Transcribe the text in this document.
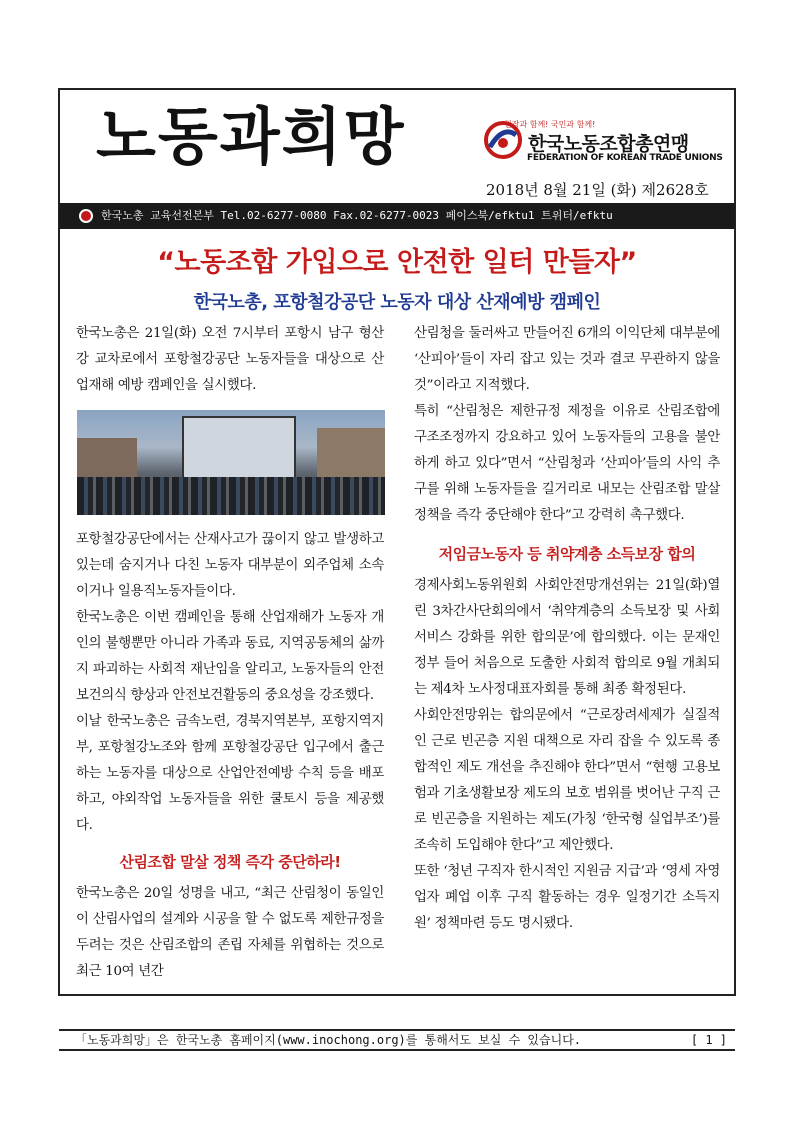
노동과희망	현장과 함께! 국민과 함께!
한국노동조합총연맹
FEDERATION OF KOREAN TRADE UNIONS
2018년 8월 21일 (화) 제2628호
한국노총 교육선전본부 Tel.02-6277-0080 Fax.02-6277-0023 페이스북/efktu1 트위터/efktu
“노동조합 가입으로 안전한 일터 만들자”
한국노총, 포항철강공단 노동자 대상 산재예방 캠페인

한국노총은 21일(화) 오전 7시부터 포항시 남구 형산강 교차로에서 포항철강공단 노동자들을 대상으로 산업재해 예방 캠페인을 실시했다.

포항철강공단에서는 산재사고가 끊이지 않고 발생하고 있는데 숨지거나 다친 노동자 대부분이 외주업체 소속이거나 일용직노동자들이다.

한국노총은 이번 캠페인을 통해 산업재해가 노동자 개인의 불행뿐만 아니라 가족과 동료, 지역공동체의 삶까지 파괴하는 사회적 재난임을 알리고, 노동자들의 안전보건의식 향상과 안전보건활동의 중요성을 강조했다.

이날 한국노총은 금속노련, 경북지역본부, 포항지역지부, 포항철강노조와 함께 포항철강공단 입구에서 출근하는 노동자를 대상으로 산업안전예방 수칙 등을 배포하고, 야외작업 노동자들을 위한 쿨토시 등을 제공했다.

산림조합 말살 정책 즉각 중단하라!

한국노총은 20일 성명을 내고, “최근 산림청이 동일인이 산림사업의 설계와 시공을 할 수 없도록 제한규정을 두려는 것은 산림조합의 존립 자체를 위협하는 것으로 최근 10여 년간

산림청을 둘러싸고 만들어진 6개의 이익단체 대부분에 ‘산피아’들이 자리 잡고 있는 것과 결코 무관하지 않을 것”이라고 지적했다.

특히 “산림청은 제한규정 제정을 이유로 산림조합에 구조조정까지 강요하고 있어 노동자들의 고용을 불안하게 하고 있다”면서 “산림청과 ‘산피아’들의 사익 추구를 위해 노동자들을 길거리로 내모는 산림조합 말살정책을 즉각 중단해야 한다”고 강력히 촉구했다.

저임금노동자 등 취약계층 소득보장 합의

경제사회노동위원회 사회안전망개선위는 21일(화)열린 3차간사단회의에서 ‘취약계층의 소득보장 및 사회서비스 강화를 위한 합의문’에 합의했다. 이는 문재인 정부 들어 처음으로 도출한 사회적 합의로 9월 개최되는 제4차 노사정대표자회를 통해 최종 확정된다.

사회안전망위는 합의문에서 “근로장려세제가 실질적인 근로 빈곤층 지원 대책으로 자리 잡을 수 있도록 종합적인 제도 개선을 추진해야 한다”면서 “현행 고용보험과 기초생활보장 제도의 보호 범위를 벗어난 구직 근로 빈곤층을 지원하는 제도(가칭 ‘한국형 실업부조’)를 조속히 도입해야 한다”고 제안했다.

또한 ‘청년 구직자 한시적인 지원금 지급’과 ‘영세 자영업자 폐업 이후 구직 활동하는 경우 일정기간 소득지원’ 정책마련 등도 명시됐다.

「노동과희망」은 한국노총 홈페이지(www.inochong.org)를 통해서도 보실 수 있습니다.	[ 1 ]
